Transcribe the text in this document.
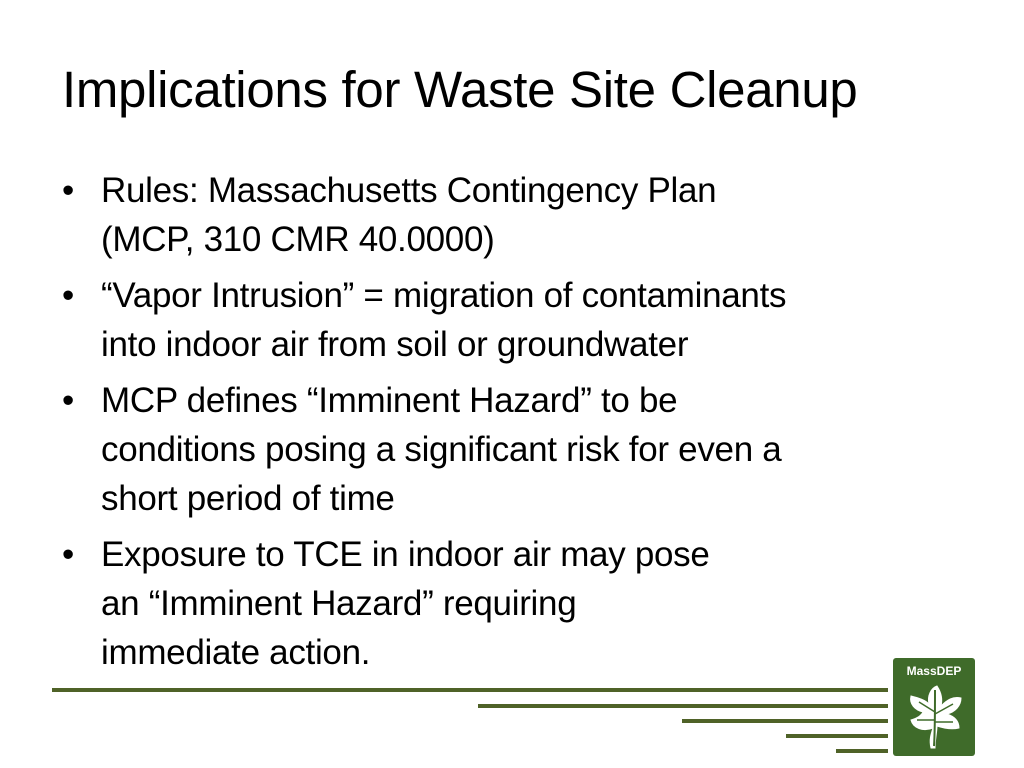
Implications for Waste Site Cleanup
• Rules: Massachusetts Contingency Plan
(MCP, 310 CMR 40.0000)
• “Vapor Intrusion” = migration of contaminants
into indoor air from soil or groundwater
• MCP defines “Imminent Hazard” to be
conditions posing a significant risk for even a
short period of time
• Exposure to TCE in indoor air may pose
an “Imminent Hazard” requiring
immediate action.	MassDEP
